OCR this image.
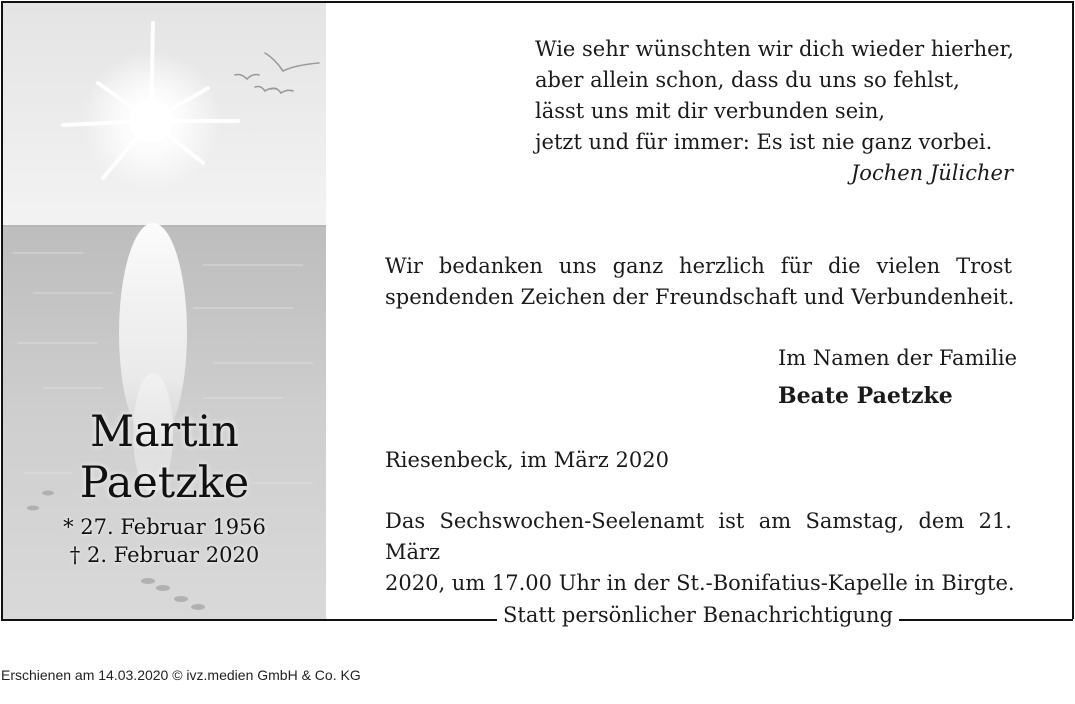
Martin
Paetzke
* 27. Februar 1956
† 2. Februar 2020
Wie sehr wünschten wir dich wieder hierher,
aber allein schon, dass du uns so fehlst,
lässt uns mit dir verbunden sein,
jetzt und für immer: Es ist nie ganz vorbei.
Jochen Jülicher
Wir bedanken uns ganz herzlich für die vielen Trost
spendenden Zeichen der Freundschaft und Verbundenheit.
Im Namen der Familie
Beate Paetzke
Riesenbeck, im März 2020
Das Sechswochen-Seelenamt ist am Samstag, dem 21. März
2020, um 17.00 Uhr in der St.-Bonifatius-Kapelle in Birgte.
Statt persönlicher Benachrichtigung
Erschienen am 14.03.2020 © ivz.medien GmbH & Co. KG
